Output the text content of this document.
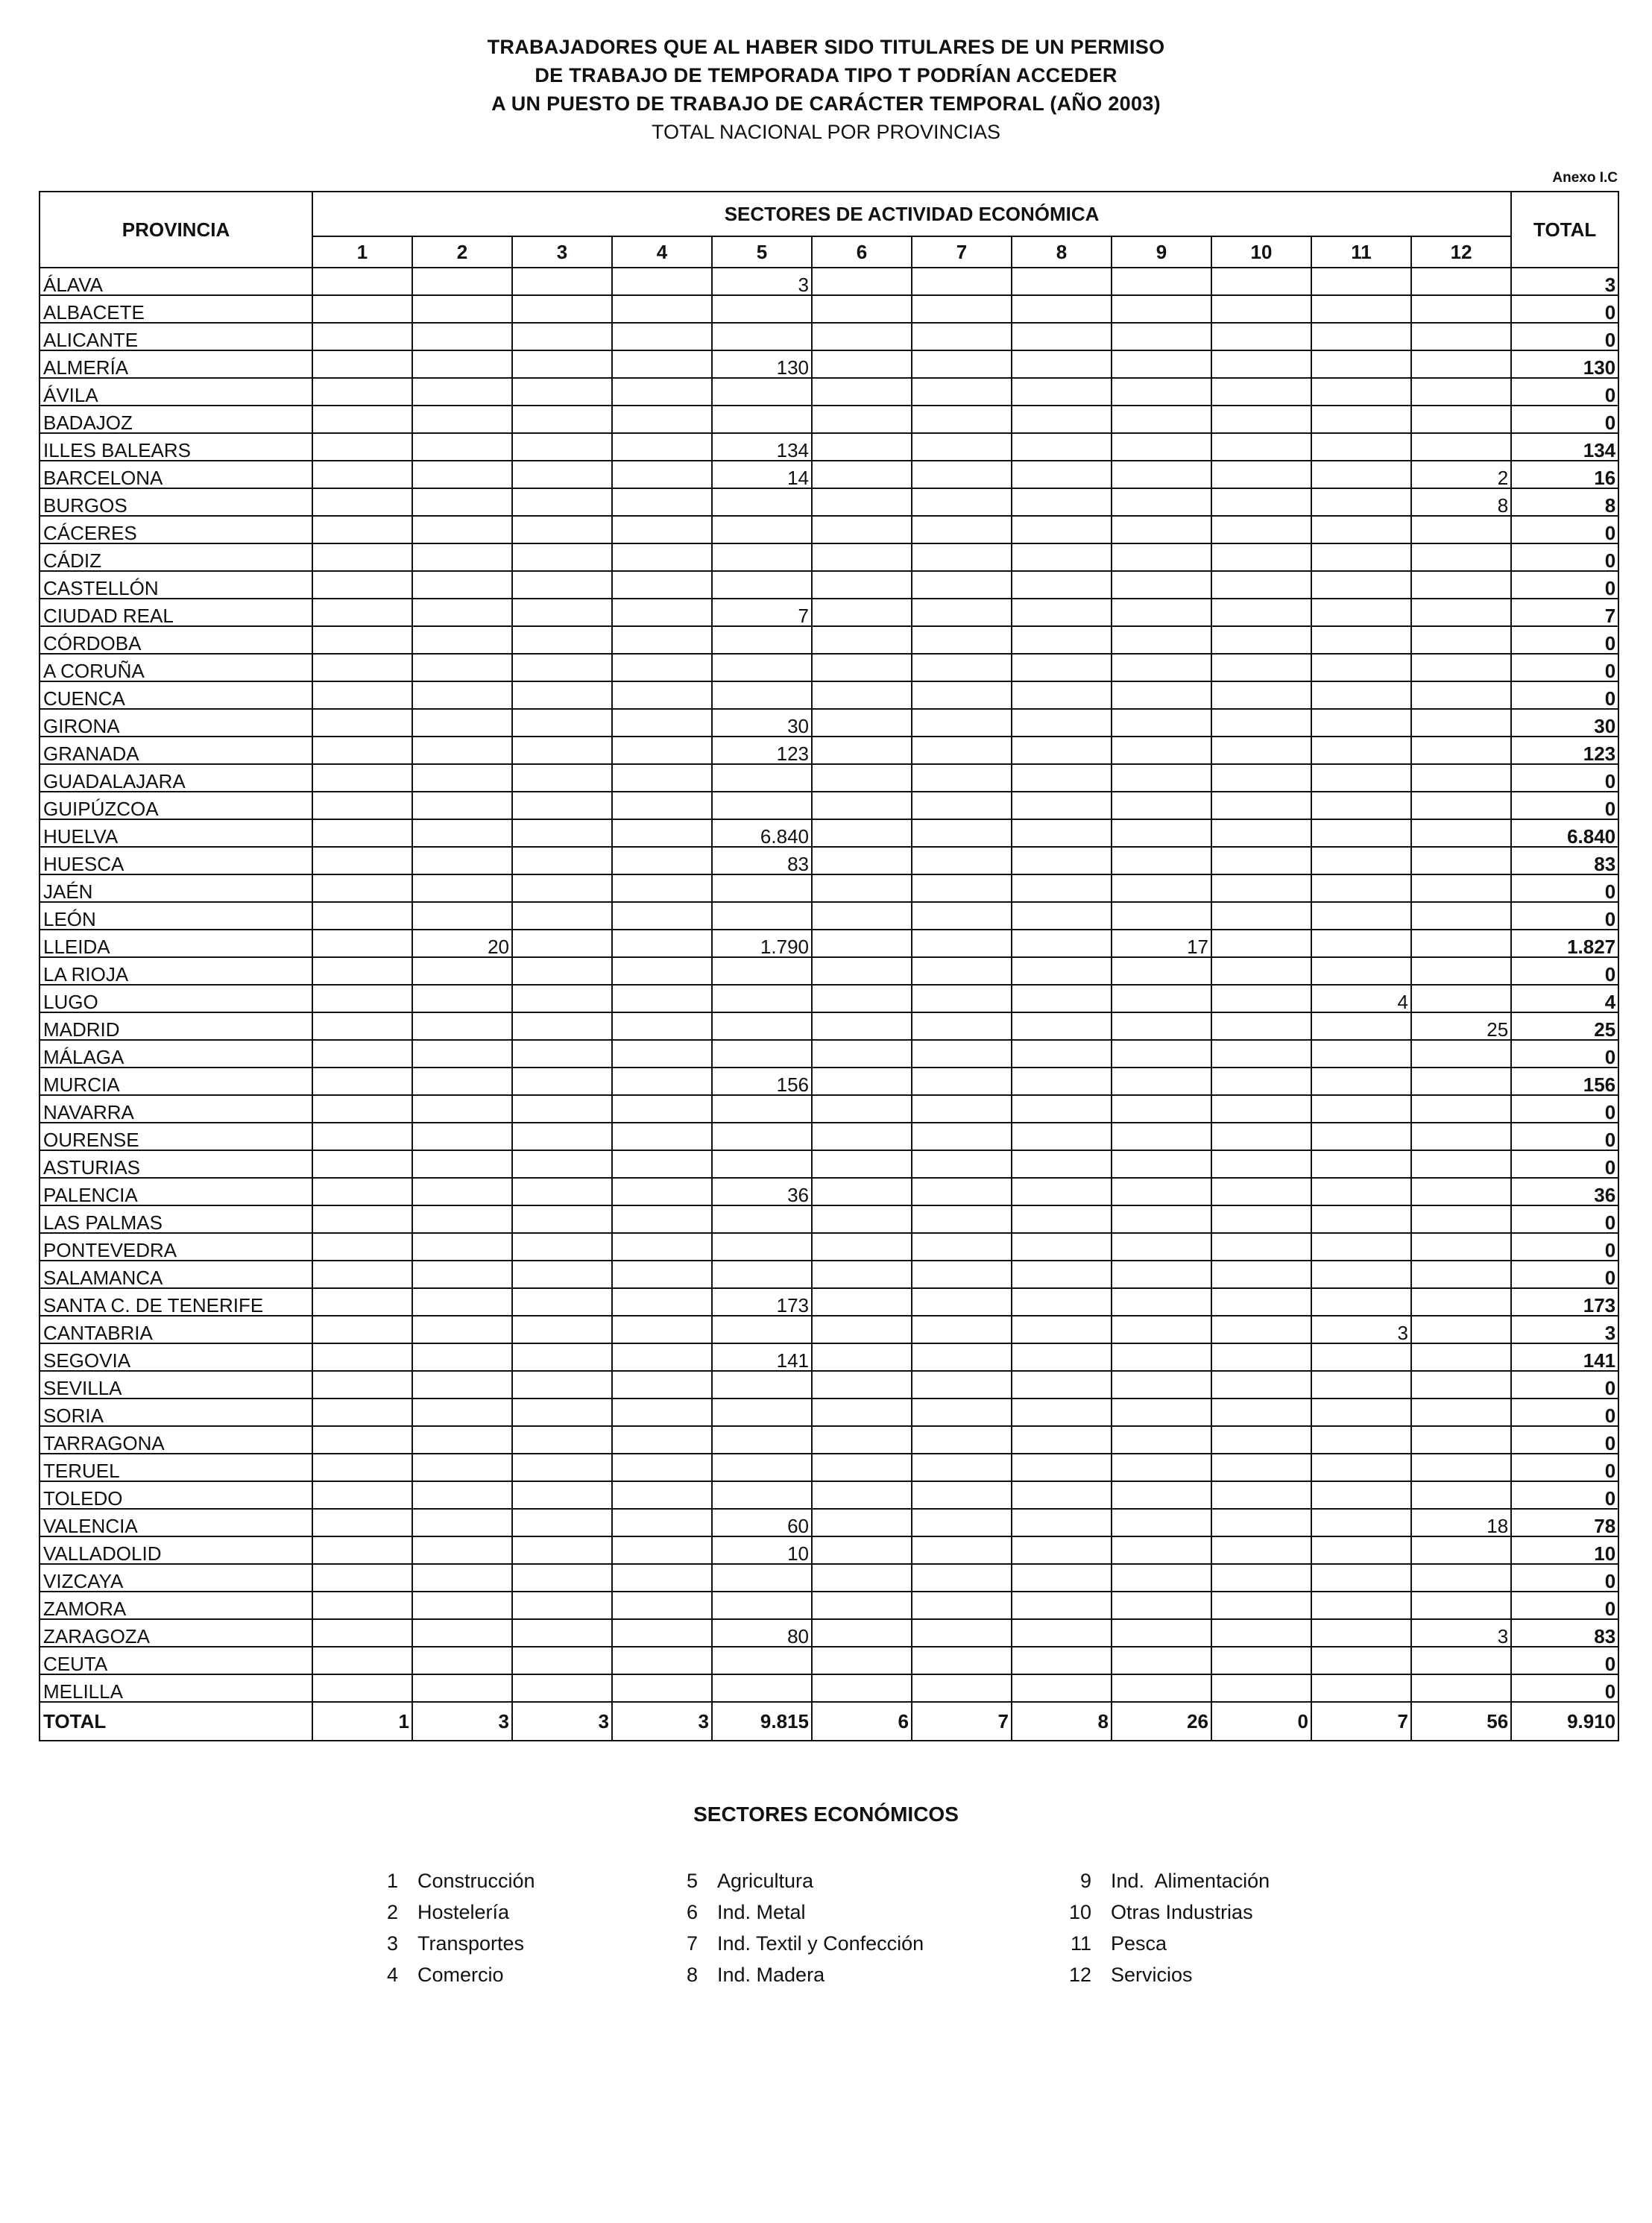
TRABAJADORES QUE AL HABER SIDO TITULARES DE UN PERMISO
DE TRABAJO DE TEMPORADA TIPO T PODRÍAN ACCEDER
A UN PUESTO DE TRABAJO DE CARÁCTER TEMPORAL (AÑO 2003)
TOTAL NACIONAL POR PROVINCIAS
Anexo I.C
PROVINCIA	SECTORES DE ACTIVIDAD ECONÓMICA												TOTAL
	1	2	3	4	5	6	7	8	9	10	11	12	
ÁLAVA					3								3
ALBACETE													0
ALICANTE													0
ALMERÍA					130								130
ÁVILA													0
BADAJOZ													0
ILLES BALEARS					134								134
BARCELONA					14							2	16
BURGOS												8	8
CÁCERES													0
CÁDIZ													0
CASTELLÓN													0
CIUDAD REAL					7								7
CÓRDOBA													0
A CORUÑA													0
CUENCA													0
GIRONA					30								30
GRANADA					123								123
GUADALAJARA													0
GUIPÚZCOA													0
HUELVA					6.840								6.840
HUESCA					83								83
JAÉN													0
LEÓN													0
LLEIDA		20			1.790				17				1.827
LA RIOJA													0
LUGO											4		4
MADRID												25	25
MÁLAGA													0
MURCIA					156								156
NAVARRA													0
OURENSE													0
ASTURIAS													0
PALENCIA					36								36
LAS PALMAS													0
PONTEVEDRA													0
SALAMANCA													0
SANTA C. DE TENERIFE					173								173
CANTABRIA											3		3
SEGOVIA					141								141
SEVILLA													0
SORIA													0
TARRAGONA													0
TERUEL													0
TOLEDO													0
VALENCIA					60							18	78
VALLADOLID					10								10
VIZCAYA													0
ZAMORA													0
ZARAGOZA					80							3	83
CEUTA													0
MELILLA													0
TOTAL	1	3	3	3	9.815	6	7	8	26	0	7	56	9.910
SECTORES ECONÓMICOS
1 Construcción
2 Hostelería
3 Transportes
4 Comercio
5 Agricultura
6 Ind. Metal
7 Ind. Textil y Confección
8 Ind. Madera
9 Ind.  Alimentación
10 Otras Industrias
11 Pesca
12 Servicios
